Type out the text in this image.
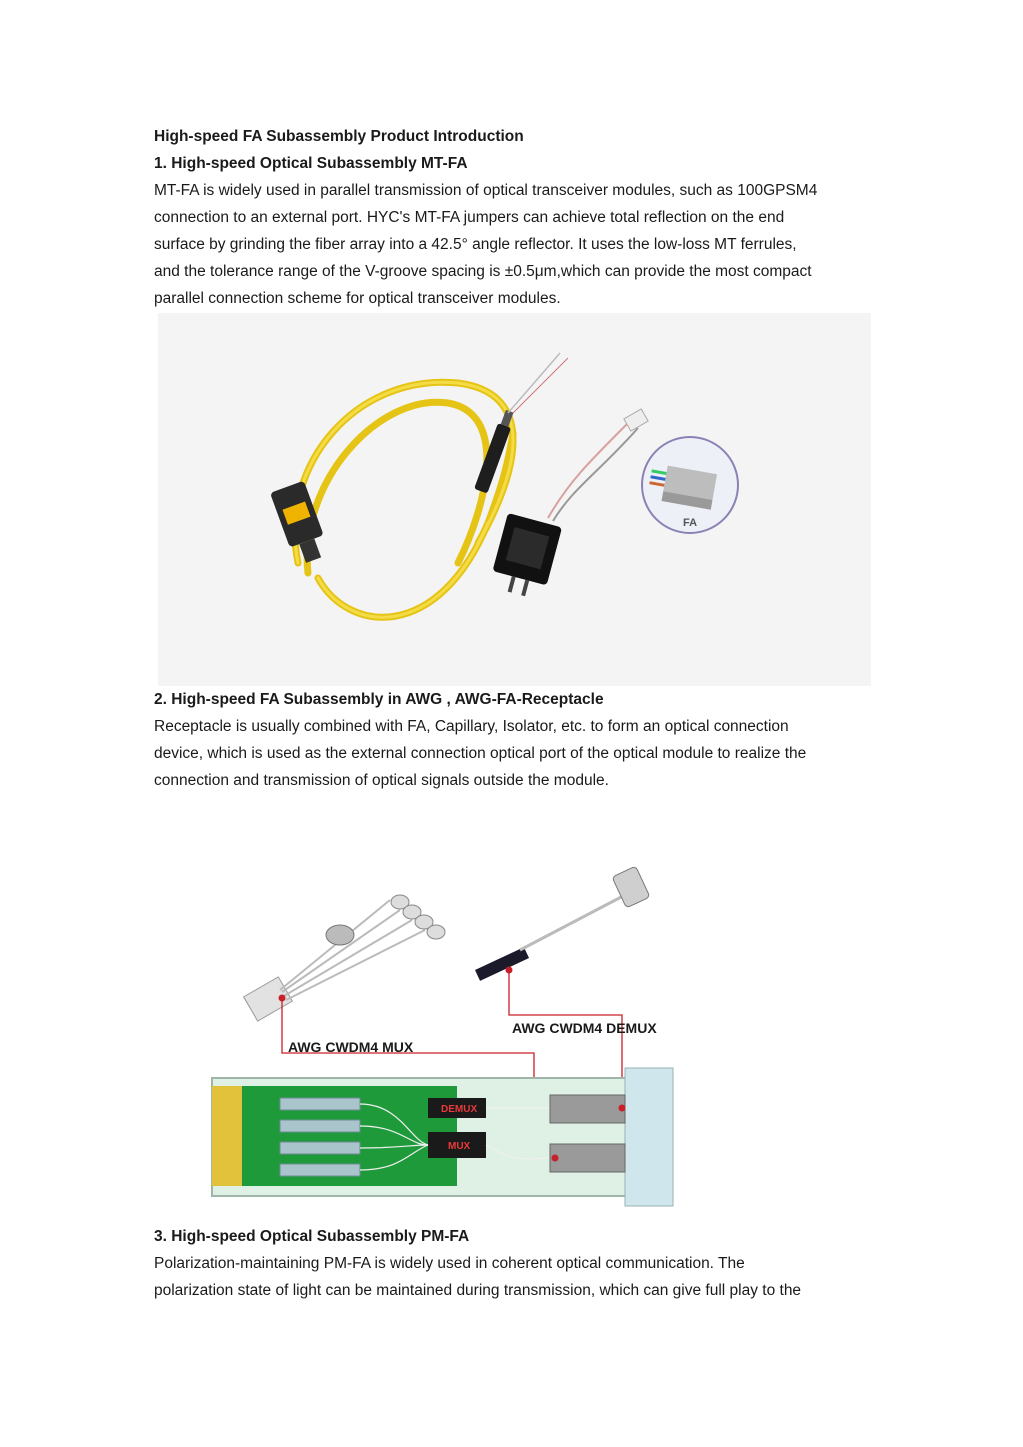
High-speed FA Subassembly Product Introduction
1. High-speed Optical Subassembly MT-FA
MT-FA is widely used in parallel transmission of optical transceiver modules, such as 100GPSM4
connection to an external port. HYC's MT-FA jumpers can achieve total reflection on the end
surface by grinding the fiber array into a 42.5° angle reflector. It uses the low-loss MT ferrules,
and the tolerance range of the V-groove spacing is ±0.5μm,which can provide the most compact
parallel connection scheme for optical transceiver modules.
FA
2. High-speed FA Subassembly in AWG , AWG-FA-Receptacle
Receptacle is usually combined with FA, Capillary, Isolator, etc. to form an optical connection
device, which is used as the external connection optical port of the optical module to realize the
connection and transmission of optical signals outside the module.
AWG CWDM4 MUX
AWG CWDM4 DEMUX
DEMUX
MUX
3. High-speed Optical Subassembly PM-FA
Polarization-maintaining PM-FA is widely used in coherent optical communication. The
polarization state of light can be maintained during transmission, which can give full play to the
